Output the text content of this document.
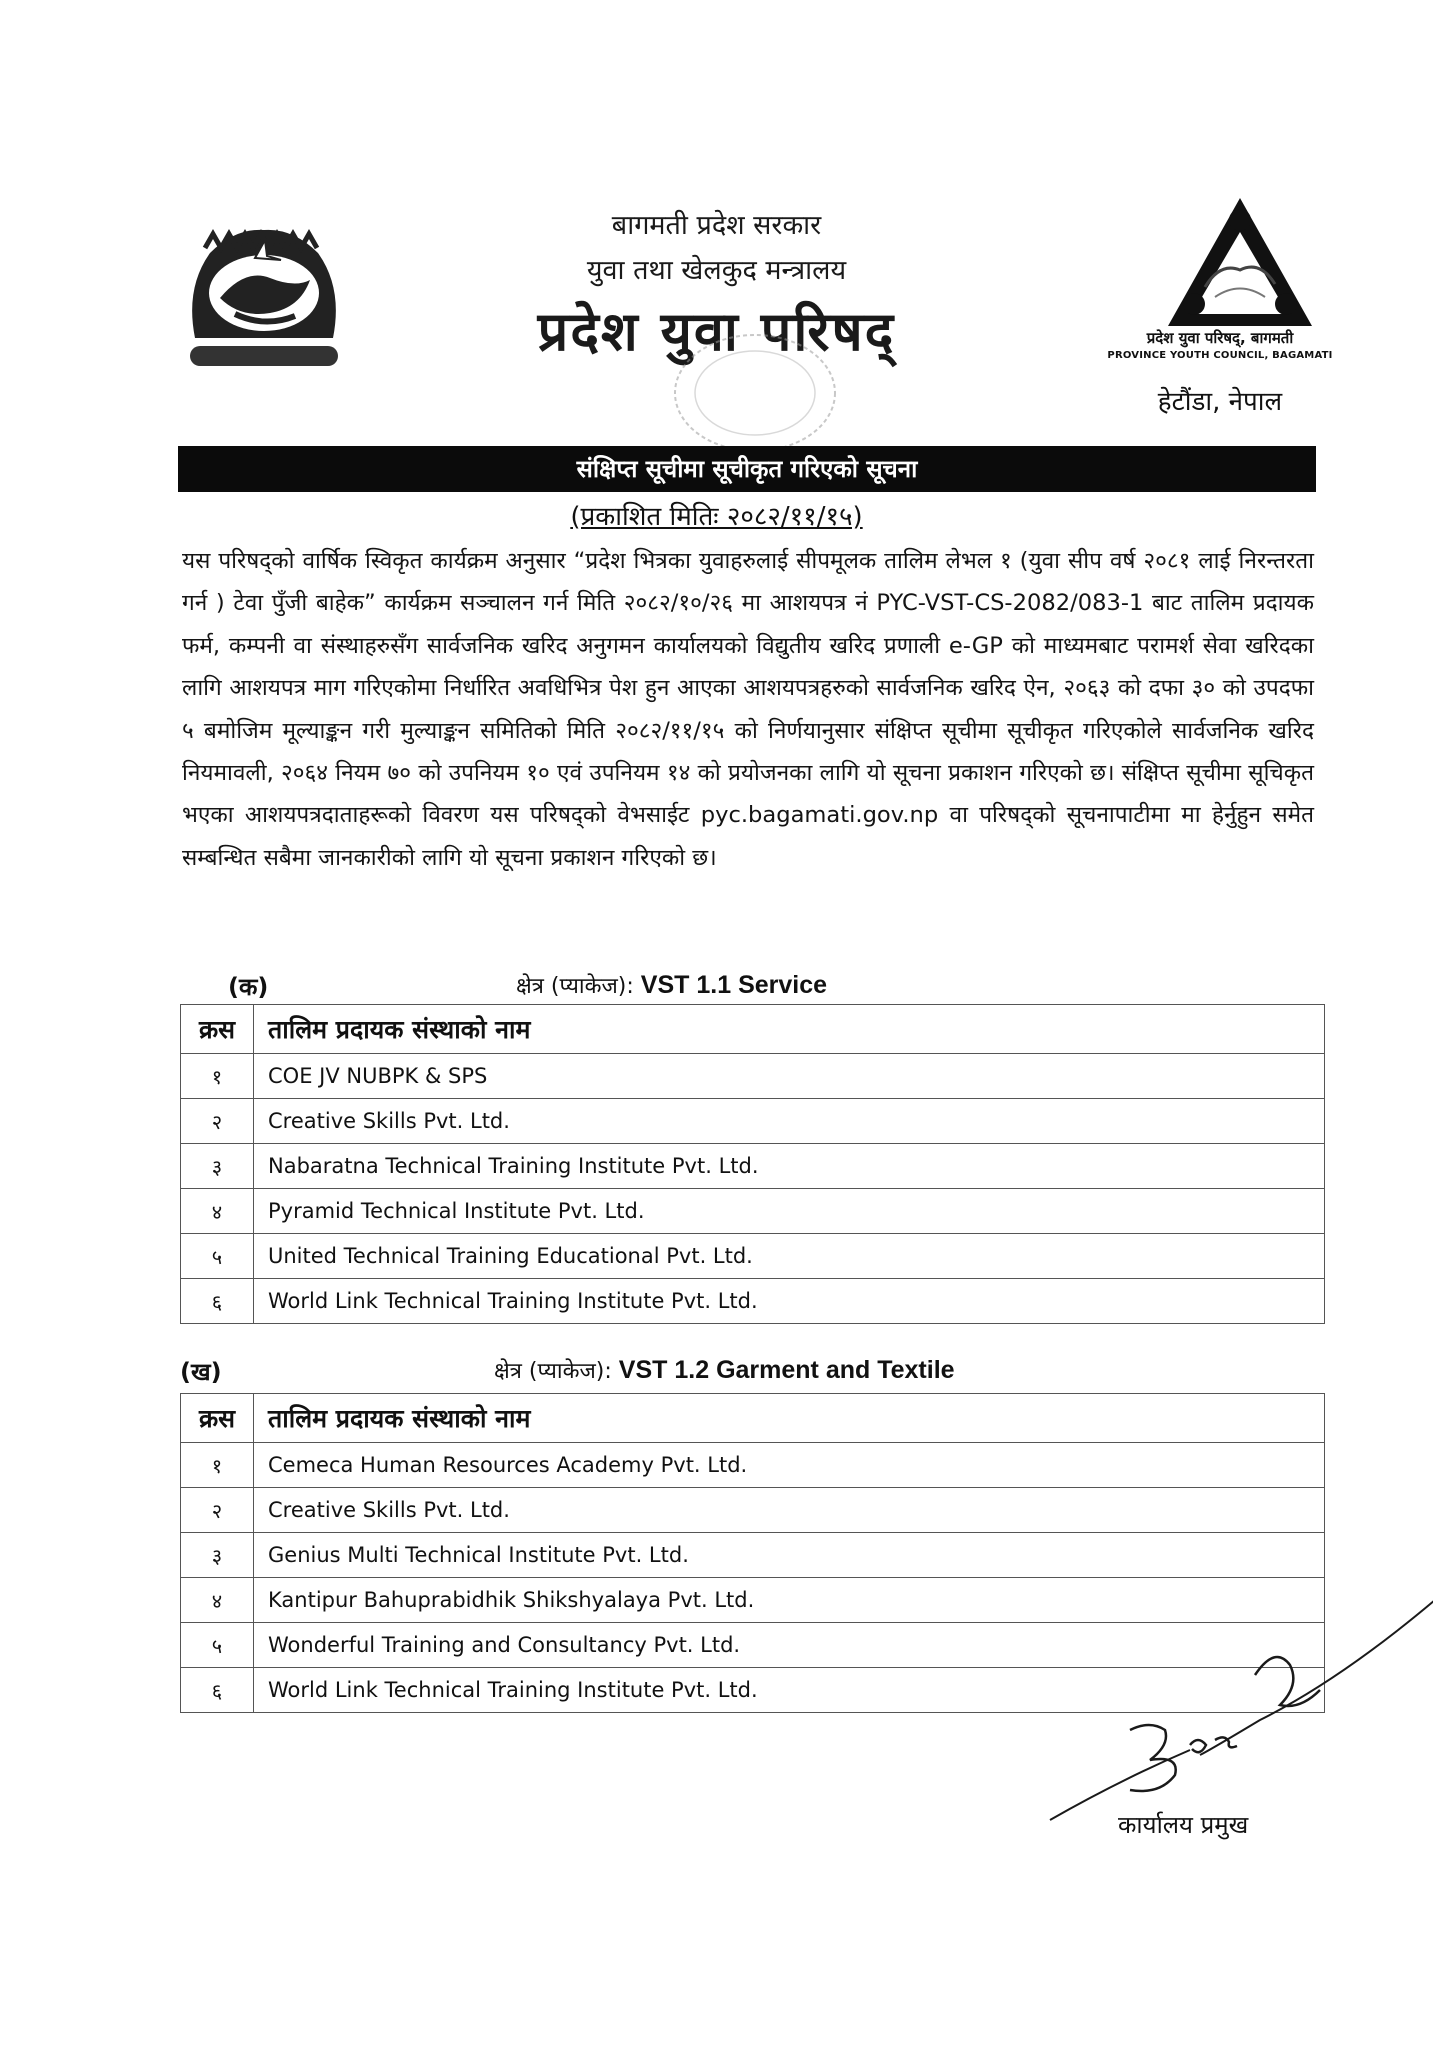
बागमती प्रदेश सरकार
युवा तथा खेलकुद मन्त्रालय
प्रदेश युवा परिषद्	प्रदेश युवा परिषद्, बागमती
PROVINCE YOUTH COUNCIL, BAGAMATI
हेटौंडा, नेपाल
संक्षिप्त सूचीमा सूचीकृत गरिएको सूचना
(प्रकाशित मितिः २०८२/११/१५)
यस परिषद्को वार्षिक स्विकृत कार्यक्रम अनुसार “प्रदेश भित्रका युवाहरुलाई सीपमूलक तालिम लेभल १ (युवा सीप वर्ष २०८१ लाई निरन्तरता गर्न ) टेवा पुँजी बाहेक” कार्यक्रम सञ्चालन गर्न मिति २०८२/१०/२६ मा आशयपत्र नं PYC-VST-CS-2082/083-1 बाट तालिम प्रदायक फर्म, कम्पनी वा संस्थाहरुसँग सार्वजनिक खरिद अनुगमन कार्यालयको विद्युतीय खरिद प्रणाली e-GP को माध्यमबाट परामर्श सेवा खरिदका लागि आशयपत्र माग गरिएकोमा निर्धारित अवधिभित्र पेश हुन आएका आशयपत्रहरुको सार्वजनिक खरिद ऐन, २०६३ को दफा ३० को उपदफा ५ बमोजिम मूल्याङ्कन गरी मुल्याङ्कन समितिको मिति २०८२/११/१५ को निर्णयानुसार संक्षिप्त सूचीमा सूचीकृत गरिएकोले सार्वजनिक खरिद नियमावली, २०६४ नियम ७० को उपनियम १० एवं उपनियम १४ को प्रयोजनका लागि यो सूचना प्रकाशन गरिएको छ। संक्षिप्त सूचीमा सूचिकृत भएका आशयपत्रदाताहरूको विवरण यस परिषद्को वेभसाईट pyc.bagamati.gov.np वा परिषद्को सूचनापाटीमा मा हेर्नुहुन समेत सम्बन्धित सबैमा जानकारीको लागि यो सूचना प्रकाशन गरिएको छ।
(क)	क्षेत्र (प्याकेज): VST 1.1 Service
क्रस	तालिम प्रदायक संस्थाको नाम
१	COE JV NUBPK & SPS
२	Creative Skills Pvt. Ltd.
३	Nabaratna Technical Training Institute Pvt. Ltd.
४	Pyramid Technical Institute Pvt. Ltd.
५	United Technical Training Educational Pvt. Ltd.
६	World Link Technical Training Institute Pvt. Ltd.
(ख)	क्षेत्र (प्याकेज): VST 1.2 Garment and Textile
क्रस	तालिम प्रदायक संस्थाको नाम
१	Cemeca Human Resources Academy Pvt. Ltd.
२	Creative Skills Pvt. Ltd.
३	Genius Multi Technical Institute Pvt. Ltd.
४	Kantipur Bahuprabidhik Shikshyalaya Pvt. Ltd.
५	Wonderful Training and Consultancy Pvt. Ltd.
६	World Link Technical Training Institute Pvt. Ltd.
कार्यालय प्रमुख
